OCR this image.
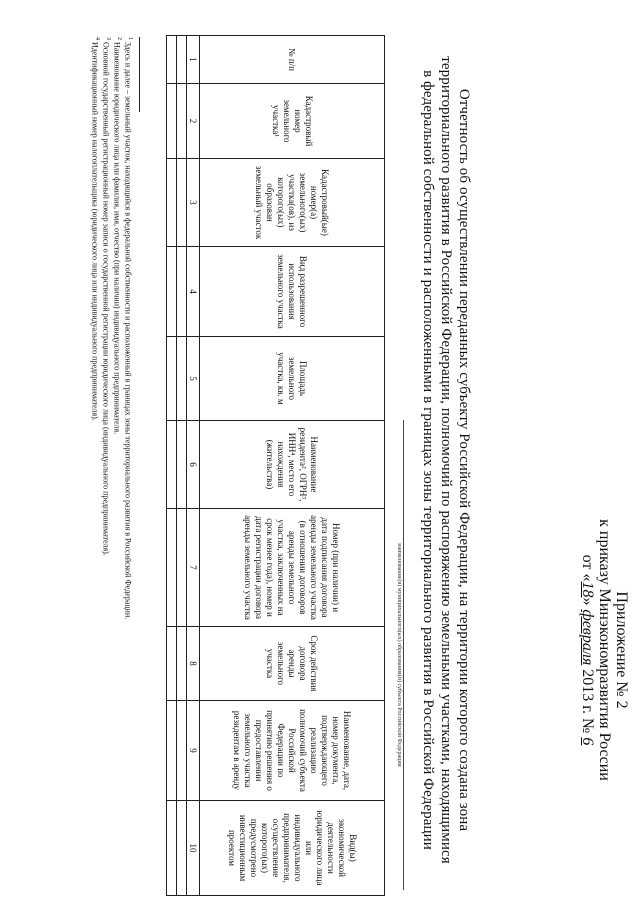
Приложение № 2
к приказу Минэкономразвития России
от «18» февраля 2013 г. № 6
Отчетность об осуществлении переданных субъекту Российской Федерации, на территории которого создана зона
территориального развития в Российской Федерации, полномочий по распоряжению земельными участками, находящимися
в федеральной собственности и расположенными в границах зоны территориального развития в Российской Федерации
наименование(я) муниципального(ых) образования(й) субъекта Российской Федерации
№ п/п	Кадастровый номер земельного участка¹	Кадастровый(ые) номер(а) земельного(ых) участка(ов), из которого(ых) образован земельный участок	Вид разрешенного использования земельного участка	Площадь земельного участка, кв. м	Наименование резидента², ОГРН³, ИНН⁴, место его нахождения (жительства)	Номер (при наличии) и дата подписания договора аренды земельного участка (в отношении договоров аренды земельного участка, заключенных на срок менее года), номер и дата регистрации договора аренды земельного участка	Срок действия договора аренды земельного участка	Наименование, дата, номер документа, подтверждающего реализацию полномочий субъекта Российской Федерации по принятию решения о предоставлении земельного участка резидентам в аренду	Вид(ы) экономической деятельности юридического лица или индивидуального предпринимателя, осуществление которого(ых) предусмотрено инвестиционным проектом
1	2	3	4	5	6	7	8	9	10

$^1$ Здесь и далее – земельный участок, находящийся в федеральной собственности и расположенный в границах зоны территориального развития в Российской Федерации.
$^2$ Наименование юридического лица или фамилия, имя, отчество (при наличии) индивидуального предпринимателя.
$^3$ Основной государственный регистрационный номер записи о государственной регистрации юридического лица (индивидуального предпринимателя).
$^4$ Идентификационный номер налогоплательщика (юридического лица или индивидуального предпринимателя).
